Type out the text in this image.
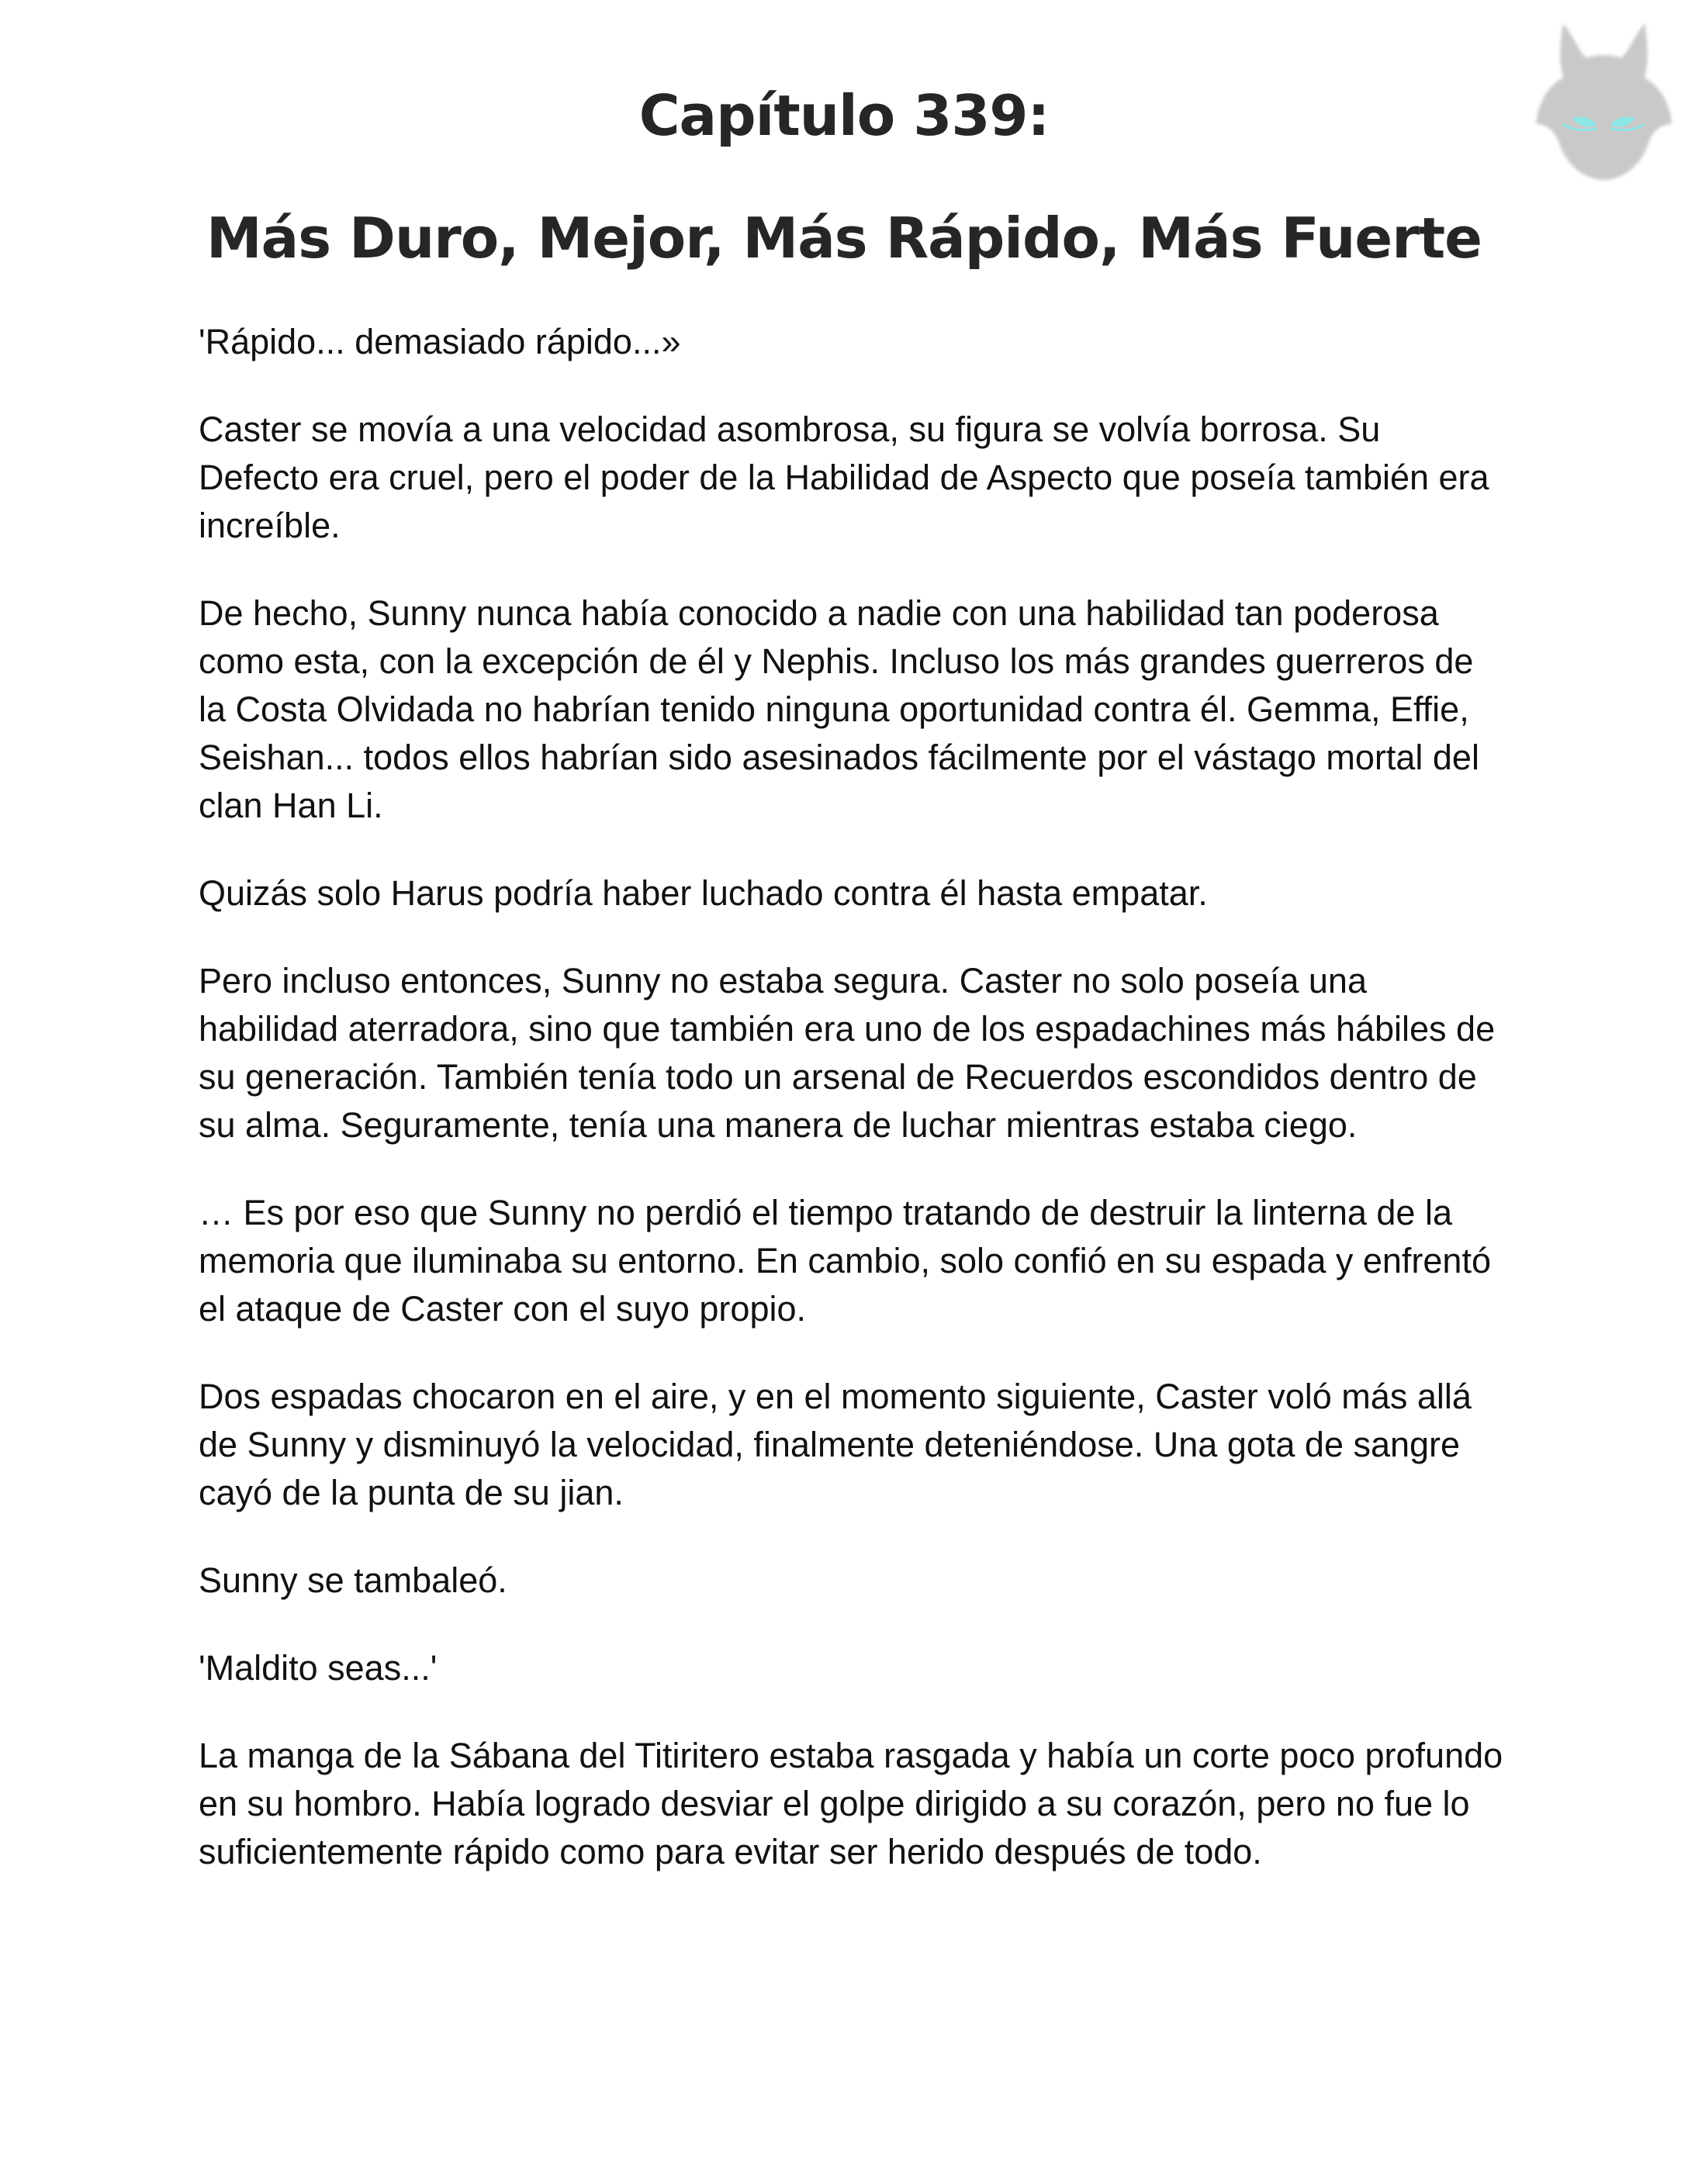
Capítulo 339:
Más Duro, Mejor, Más Rápido, Más Fuerte

'Rápido... demasiado rápido...»

Caster se movía a una velocidad asombrosa, su figura se volvía borrosa. Su Defecto era cruel, pero el poder de la Habilidad de Aspecto que poseía también era increíble.

De hecho, Sunny nunca había conocido a nadie con una habilidad tan poderosa como esta, con la excepción de él y Nephis. Incluso los más grandes guerreros de la Costa Olvidada no habrían tenido ninguna oportunidad contra él. Gemma, Effie, Seishan... todos ellos habrían sido asesinados fácilmente por el vástago mortal del clan Han Li.

Quizás solo Harus podría haber luchado contra él hasta empatar.

Pero incluso entonces, Sunny no estaba segura. Caster no solo poseía una habilidad aterradora, sino que también era uno de los espadachines más hábiles de su generación. También tenía todo un arsenal de Recuerdos escondidos dentro de su alma. Seguramente, tenía una manera de luchar mientras estaba ciego.

… Es por eso que Sunny no perdió el tiempo tratando de destruir la linterna de la memoria que iluminaba su entorno. En cambio, solo confió en su espada y enfrentó el ataque de Caster con el suyo propio.

Dos espadas chocaron en el aire, y en el momento siguiente, Caster voló más allá de Sunny y disminuyó la velocidad, finalmente deteniéndose. Una gota de sangre cayó de la punta de su jian.

Sunny se tambaleó.

'Maldito seas...'

La manga de la Sábana del Titiritero estaba rasgada y había un corte poco profundo en su hombro. Había logrado desviar el golpe dirigido a su corazón, pero no fue lo suficientemente rápido como para evitar ser herido después de todo.
